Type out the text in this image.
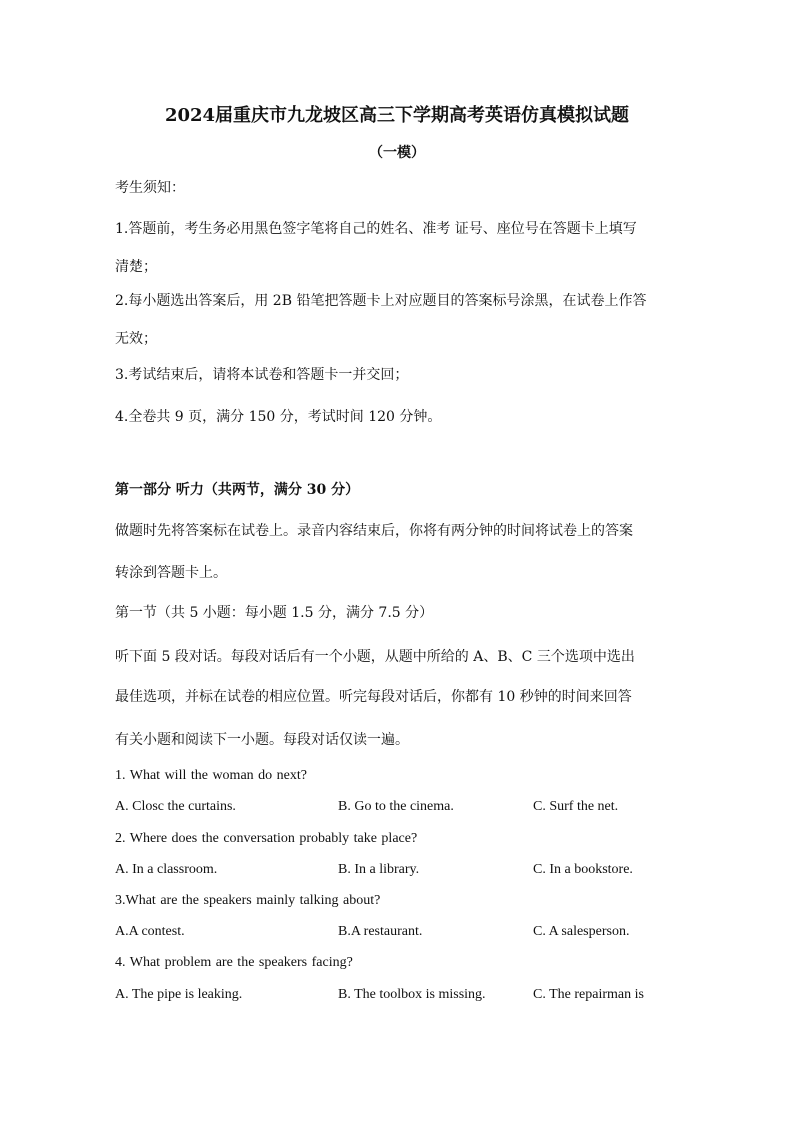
2024届重庆市九龙坡区高三下学期高考英语仿真模拟试题
（一模）
考生须知：
1.答题前，考生务必用黑色签字笔将自己的姓名、准考 证号、座位号在答题卡上填写
清楚；
2.每小题选出答案后，用 2B 铅笔把答题卡上对应题目的答案标号涂黑，在试卷上作答
无效；
3.考试结束后，请将本试卷和答题卡一并交回；
4.全卷共 9 页，满分 150 分，考试时间 120 分钟。
第一部分 听力（共两节，满分 30 分）
做题时先将答案标在试卷上。录音内容结束后，你将有两分钟的时间将试卷上的答案
转涂到答题卡上。
第一节（共 5 小题：每小题 1.5 分，满分 7.5 分）
听下面 5 段对话。每段对话后有一个小题，从题中所给的 A、B、C 三个选项中选出
最佳选项，并标在试卷的相应位置。听完每段对话后，你都有 10 秒钟的时间来回答
有关小题和阅读下一小题。每段对话仅读一遍。
1. What will the woman do next?
A. Closc the curtains.	B. Go to the cinema.	C. Surf the net.
2. Where does the conversation probably take place?
A. In a classroom.	B. In a library.	C. In a bookstore.
3.What are the speakers mainly talking about?
A.A contest.	B.A restaurant.	C. A salesperson.
4. What problem are the speakers facing?
A. The pipe is leaking.	B. The toolbox is missing.	C. The repairman is
